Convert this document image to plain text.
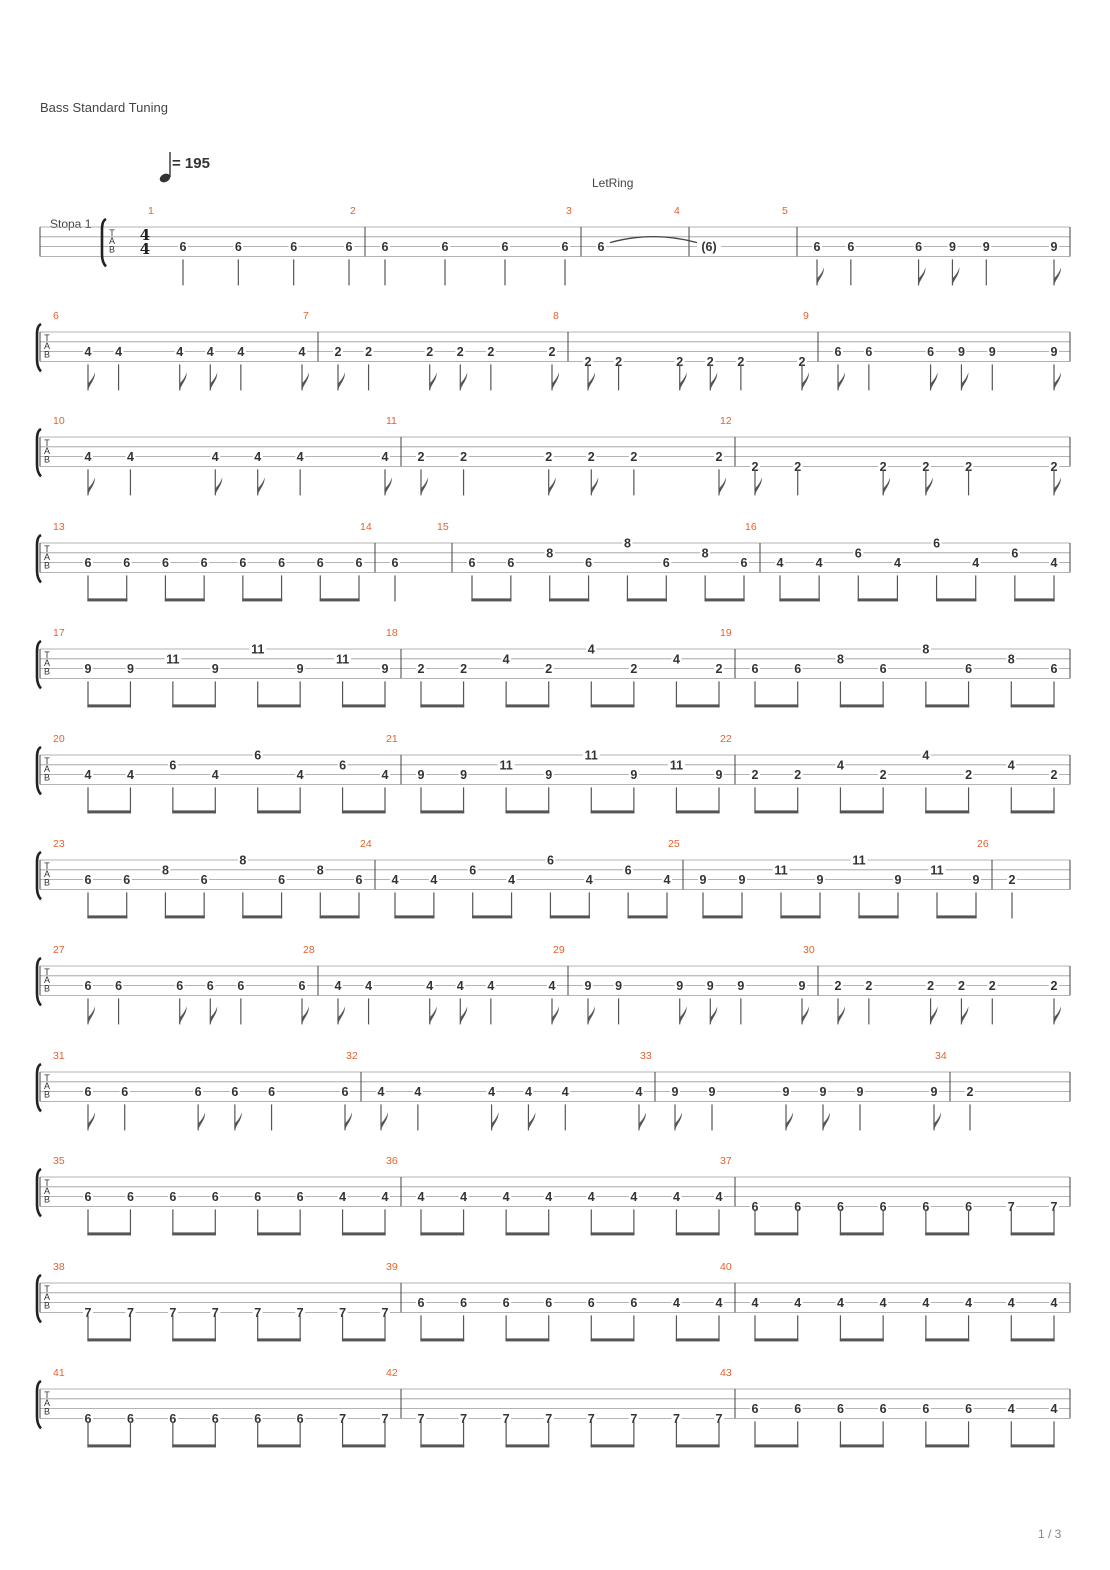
Bass Standard Tuning
= 195
LetRing
Stopa 1
T
A
B
4
4
1
6	6	6	6
2
6	6	6	6
3
6
4
(6)
5
6 6	6 9 9	9
T
A
B
6
4 4	4 4 4	4
7
2 2	2 2 2	2
8
2 2	2 2 2	2
9
6 6	6 9 9	9
T
A
B
10
4	4	4	4	4	4
11
2	2	2	2	2	2
12
2	2	2	2	2	2
T
A
B
13
6	6	6	6	6	6	6	6
14
6
15
6	6
8
6
8
6
8
6
16
4	4
6
4
6
4
6
4
T
A
B
17
9	9
11
9
11
9
11
9
18
2	2
4
2
4
2
4
2
19
6	6
8
6
8
6
8
6
T
A
B
20
4	4
6
4
6
4
6
4
21
9	9
11
9
11
9
11
9
22
2	2
4
2
4
2
4
2
T
A
B
23
6	6
8
6
8
6
8
6
24
4	4
6
4
6
4
6
4
25
9	9
11
9
11
9
11
9
26
2
T
A
B
27
6 6	6 6 6	6
28
4 4	4 4 4	4
29
9 9	9 9 9	9
30
2 2	2 2 2	2
T
A
B
31
6 6	6 6 6	6
32
4 4	4 4 4	4
33
9 9	9 9 9	9
34
2
T
A
B
35
6	6	6	6	6	6	4	4
36
4	4	4	4	4	4	4	4
37
6	6	6	6	6	6	7	7
T
A
B
38
7	7	7	7	7	7	7	7
39
6	6	6	6	6	6	4	4
40
4	4	4	4	4	4	4	4
T
A
B
41
6	6	6	6	6	6	7	7
42
7	7	7	7	7	7	7	7
43
6	6	6	6	6	6	4	4
1 / 3
